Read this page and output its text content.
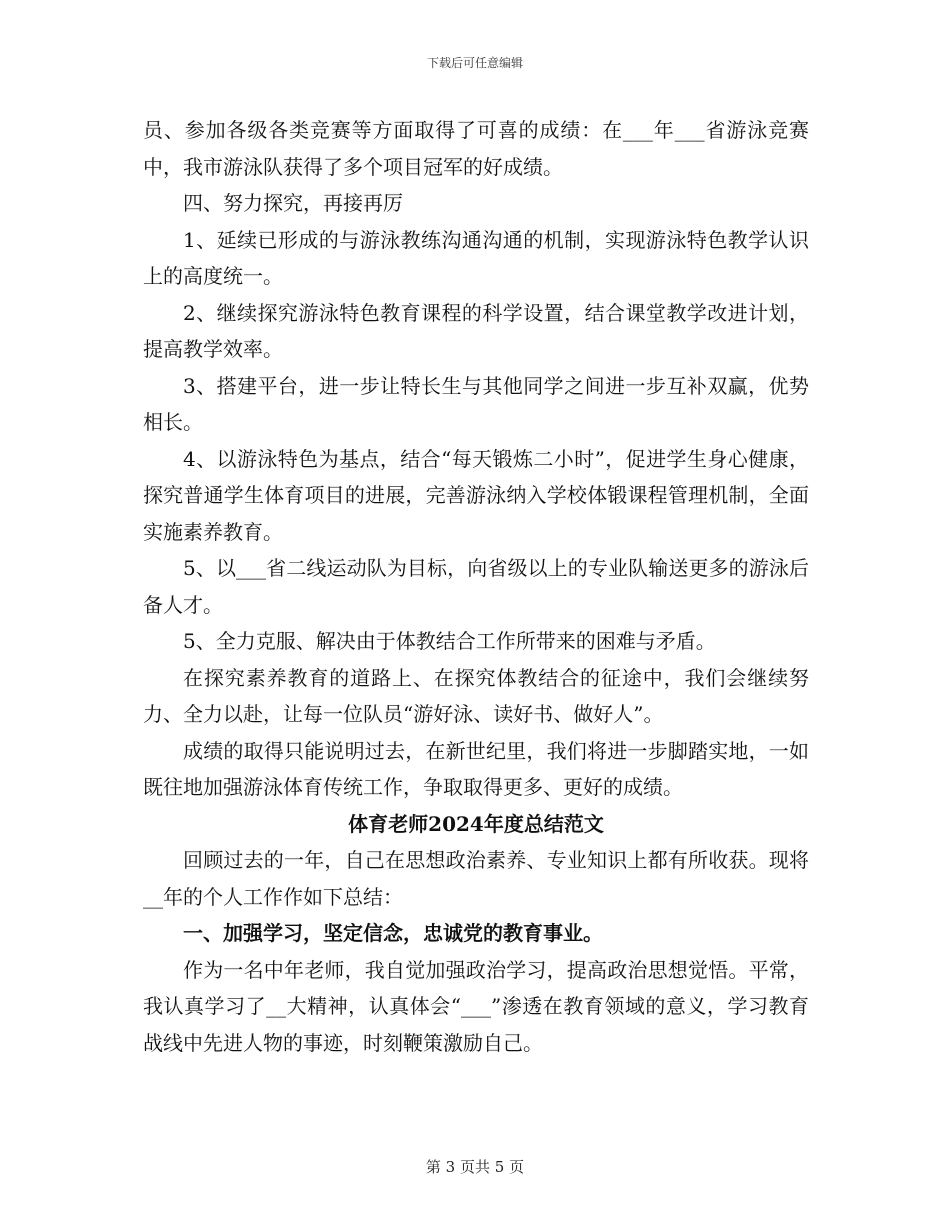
下载后可任意编辑

员、参加各级各类竞赛等方面取得了可喜的成绩：在___年___省游泳竞赛中，我市游泳队获得了多个项目冠军的好成绩。

四、努力探究，再接再厉

1、延续已形成的与游泳教练沟通沟通的机制，实现游泳特色教学认识上的高度统一。

2、继续探究游泳特色教育课程的科学设置，结合课堂教学改进计划，提高教学效率。

3、搭建平台，进一步让特长生与其他同学之间进一步互补双赢，优势相长。

4、以游泳特色为基点，结合“每天锻炼二小时”，促进学生身心健康，探究普通学生体育项目的进展，完善游泳纳入学校体锻课程管理机制，全面实施素养教育。

5、以___省二线运动队为目标，向省级以上的专业队输送更多的游泳后备人才。

5、全力克服、解决由于体教结合工作所带来的困难与矛盾。

在探究素养教育的道路上、在探究体教结合的征途中，我们会继续努力、全力以赴，让每一位队员“游好泳、读好书、做好人”。

成绩的取得只能说明过去，在新世纪里，我们将进一步脚踏实地，一如既往地加强游泳体育传统工作，争取取得更多、更好的成绩。

体育老师2024年度总结范文

回顾过去的一年，自己在思想政治素养、专业知识上都有所收获。现将__年的个人工作作如下总结：

一、加强学习，坚定信念，忠诚党的教育事业。

作为一名中年老师，我自觉加强政治学习，提高政治思想觉悟。平常，我认真学习了__大精神，认真体会“___”渗透在教育领域的意义，学习教育战线中先进人物的事迹，时刻鞭策激励自己。

第 3 页共 5 页
